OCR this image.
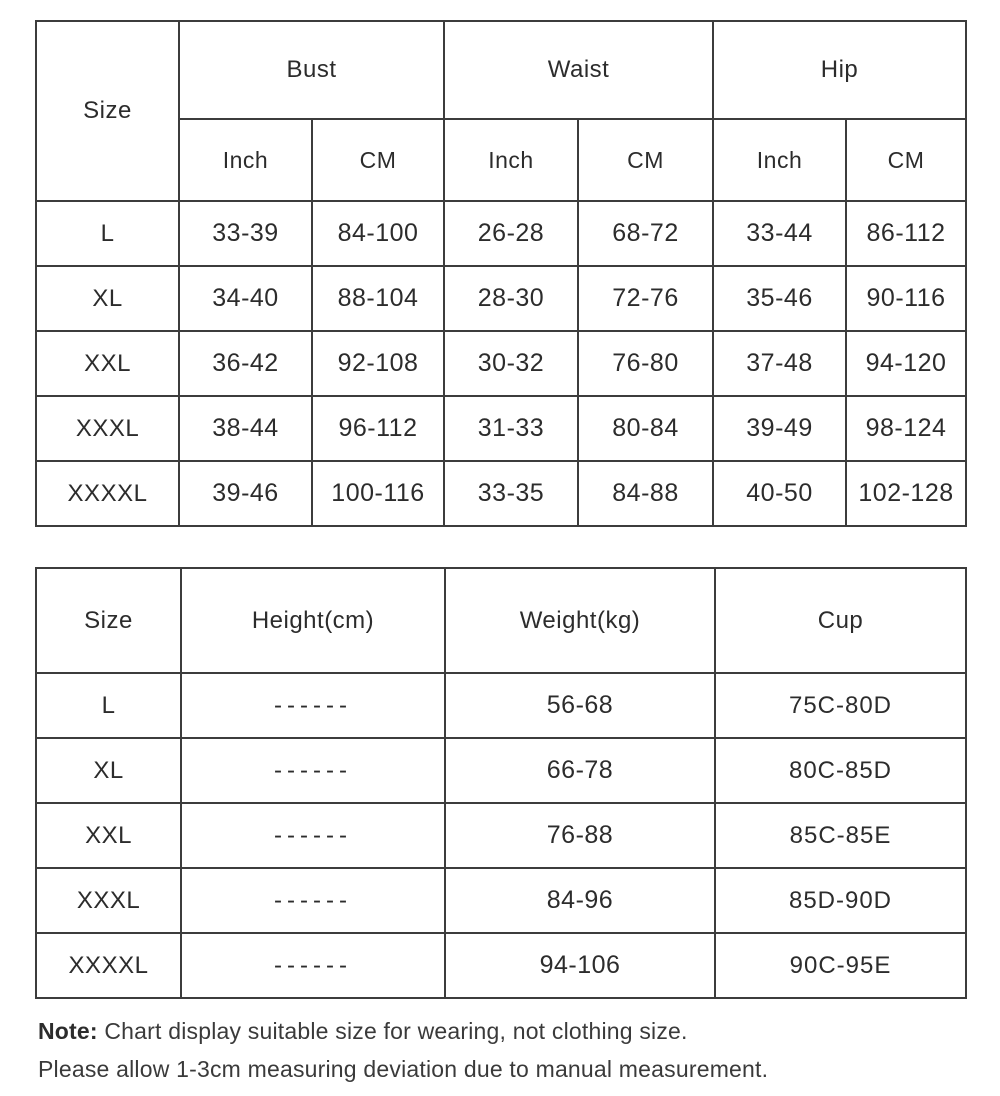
Size	Bust		Waist		Hip	
	Inch	CM	Inch	CM	Inch	CM
L	33-39	84-100	26-28	68-72	33-44	86-112
XL	34-40	88-104	28-30	72-76	35-46	90-116
XXL	36-42	92-108	30-32	76-80	37-48	94-120
XXXL	38-44	96-112	31-33	80-84	39-49	98-124
XXXXL	39-46	100-116	33-35	84-88	40-50	102-128
Size	Height(cm)	Weight(kg)	Cup
L	------	56-68	75C-80D
XL	------	66-78	80C-85D
XXL	------	76-88	85C-85E
XXXL	------	84-96	85D-90D
XXXXL	------	94-106	90C-95E

Note: Chart display suitable size for wearing, not clothing size.

Please allow 1-3cm measuring deviation due to manual measurement.
